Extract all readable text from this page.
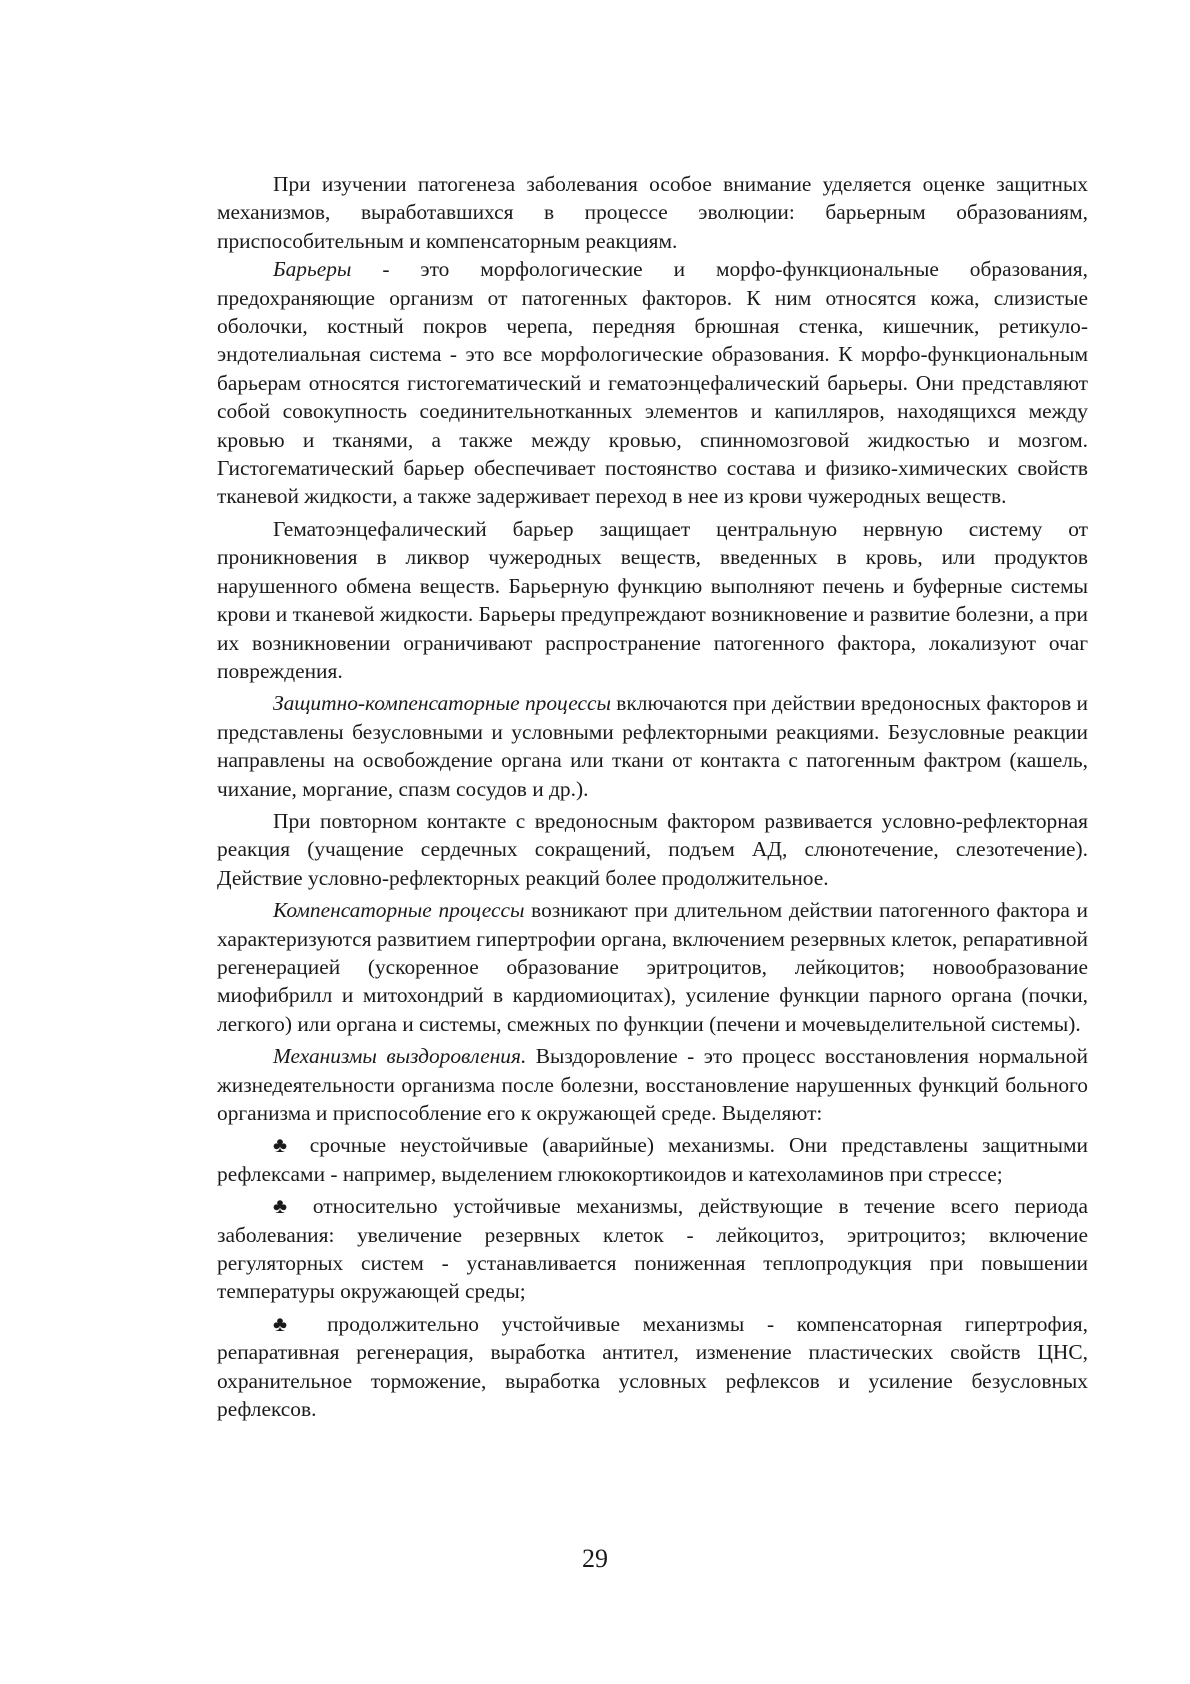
При изучении патогенеза заболевания особое внимание уделяется оценке защитных механизмов, выработавшихся в процессе эволюции: барьерным образованиям, приспособительным и компенсаторным реакциям.

Барьеры - это морфологические и морфо-функциональные образования, предохраняющие организм от патогенных факторов. К ним относятся кожа, слизистые оболочки, костный покров черепа, передняя брюшная стенка, кишечник, ретикуло-эндотелиальная система - это все морфологические образования. К морфо-функциональным барьерам относятся гистогематический и гематоэнцефалический барьеры. Они представляют собой совокупность соединительнотканных элементов и капилляров, находящихся между кровью и тканями, а также между кровью, спинномозговой жидкостью и мозгом. Гистогематический барьер обеспечивает постоянство состава и физико-химических свойств тканевой жидкости, а также задерживает переход в нее из крови чужеродных веществ.

Гематоэнцефалический барьер защищает центральную нервную систему от проникновения в ликвор чужеродных веществ, введенных в кровь, или продуктов нарушенного обмена веществ. Барьерную функцию выполняют печень и буферные системы крови и тканевой жидкости. Барьеры предупреждают возникновение и развитие болезни, а при их возникновении ограничивают распространение патогенного фактора, локализуют очаг повреждения.

Защитно-компенсаторные процессы включаются при действии вредоносных факторов и представлены безусловными и условными рефлекторными реакциями. Безусловные реакции направлены на освобождение органа или ткани от контакта с патогенным фактром (кашель, чихание, моргание, спазм сосудов и др.).

При повторном контакте с вредоносным фактором развивается условно-рефлекторная реакция (учащение сердечных сокращений, подъем АД, слюнотечение, слезотечение). Действие условно-рефлекторных реакций более продолжительное.

Компенсаторные процессы возникают при длительном действии патогенного фактора и характеризуются развитием гипертрофии органа, включением резервных клеток, репаративной регенерацией (ускоренное образование эритроцитов, лейкоцитов; новообразование миофибрилл и митохондрий в кардиомиоцитах), усиление функции парного органа (почки, легкого) или органа и системы, смежных по функции (печени и мочевыделительной системы).

Механизмы выздоровления. Выздоровление - это процесс восстановления нормальной жизнедеятельности организма после болезни, восстановление нарушенных функций больного организма и приспособление его к окружающей среде. Выделяют:

♣ срочные неустойчивые (аварийные) механизмы. Они представлены защитными рефлексами - например, выделением глюкокортикоидов и катехоламинов при стрессе;

♣ относительно устойчивые механизмы, действующие в течение всего периода заболевания: увеличение резервных клеток - лейкоцитоз, эритроцитоз; включение регуляторных систем - устанавливается пониженная теплопродукция при повышении температуры окружающей среды;

♣ продолжительно учстойчивые механизмы - компенсаторная гипертрофия, репаративная регенерация, выработка антител, изменение пластических свойств ЦНС, охранительное торможение, выработка условных рефлексов и усиление безусловных рефлексов.

29
